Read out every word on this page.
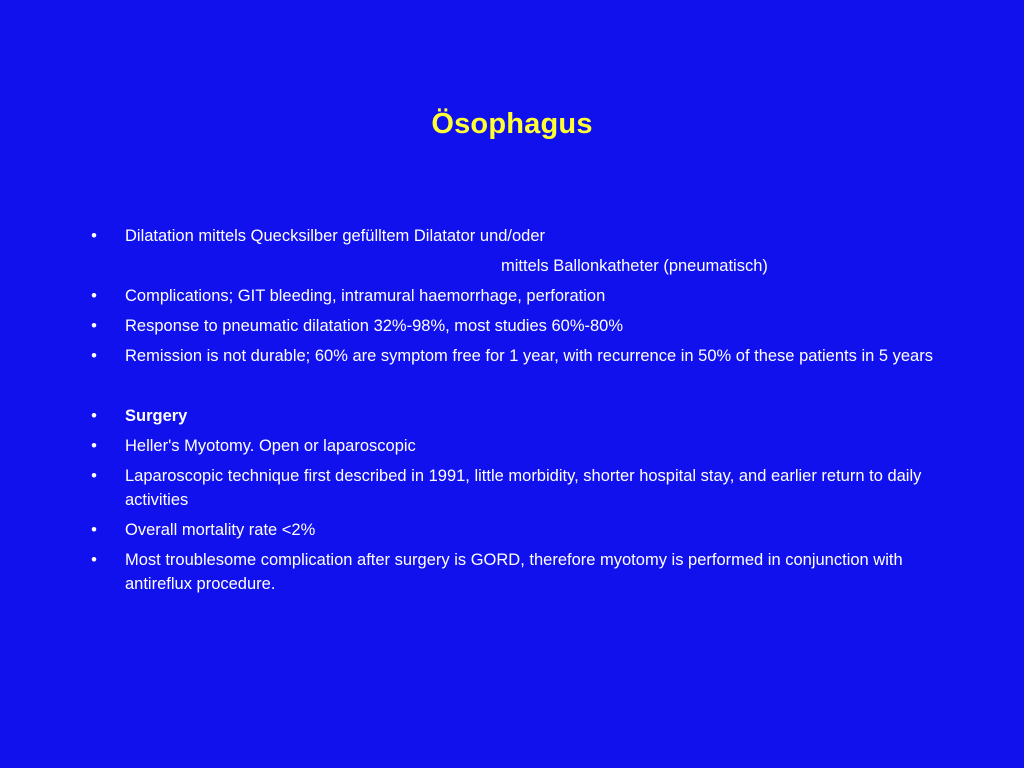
Ösophagus
• Dilatation mittels Quecksilber gefülltem Dilatator und/oder
mittels Ballonkatheter (pneumatisch)
• Complications; GIT bleeding, intramural haemorrhage, perforation
• Response to pneumatic dilatation 32%-98%, most studies 60%-80%
• Remission is not durable; 60% are symptom free for 1 year, with recurrence in 50% of these patients in 5 years
• Surgery
• Heller's Myotomy. Open or laparoscopic
• Laparoscopic technique first described in 1991, little morbidity, shorter hospital stay, and earlier return to daily activities
• Overall mortality rate <2%
• Most troublesome complication after surgery is GORD, therefore myotomy is performed in conjunction with antireflux procedure.
